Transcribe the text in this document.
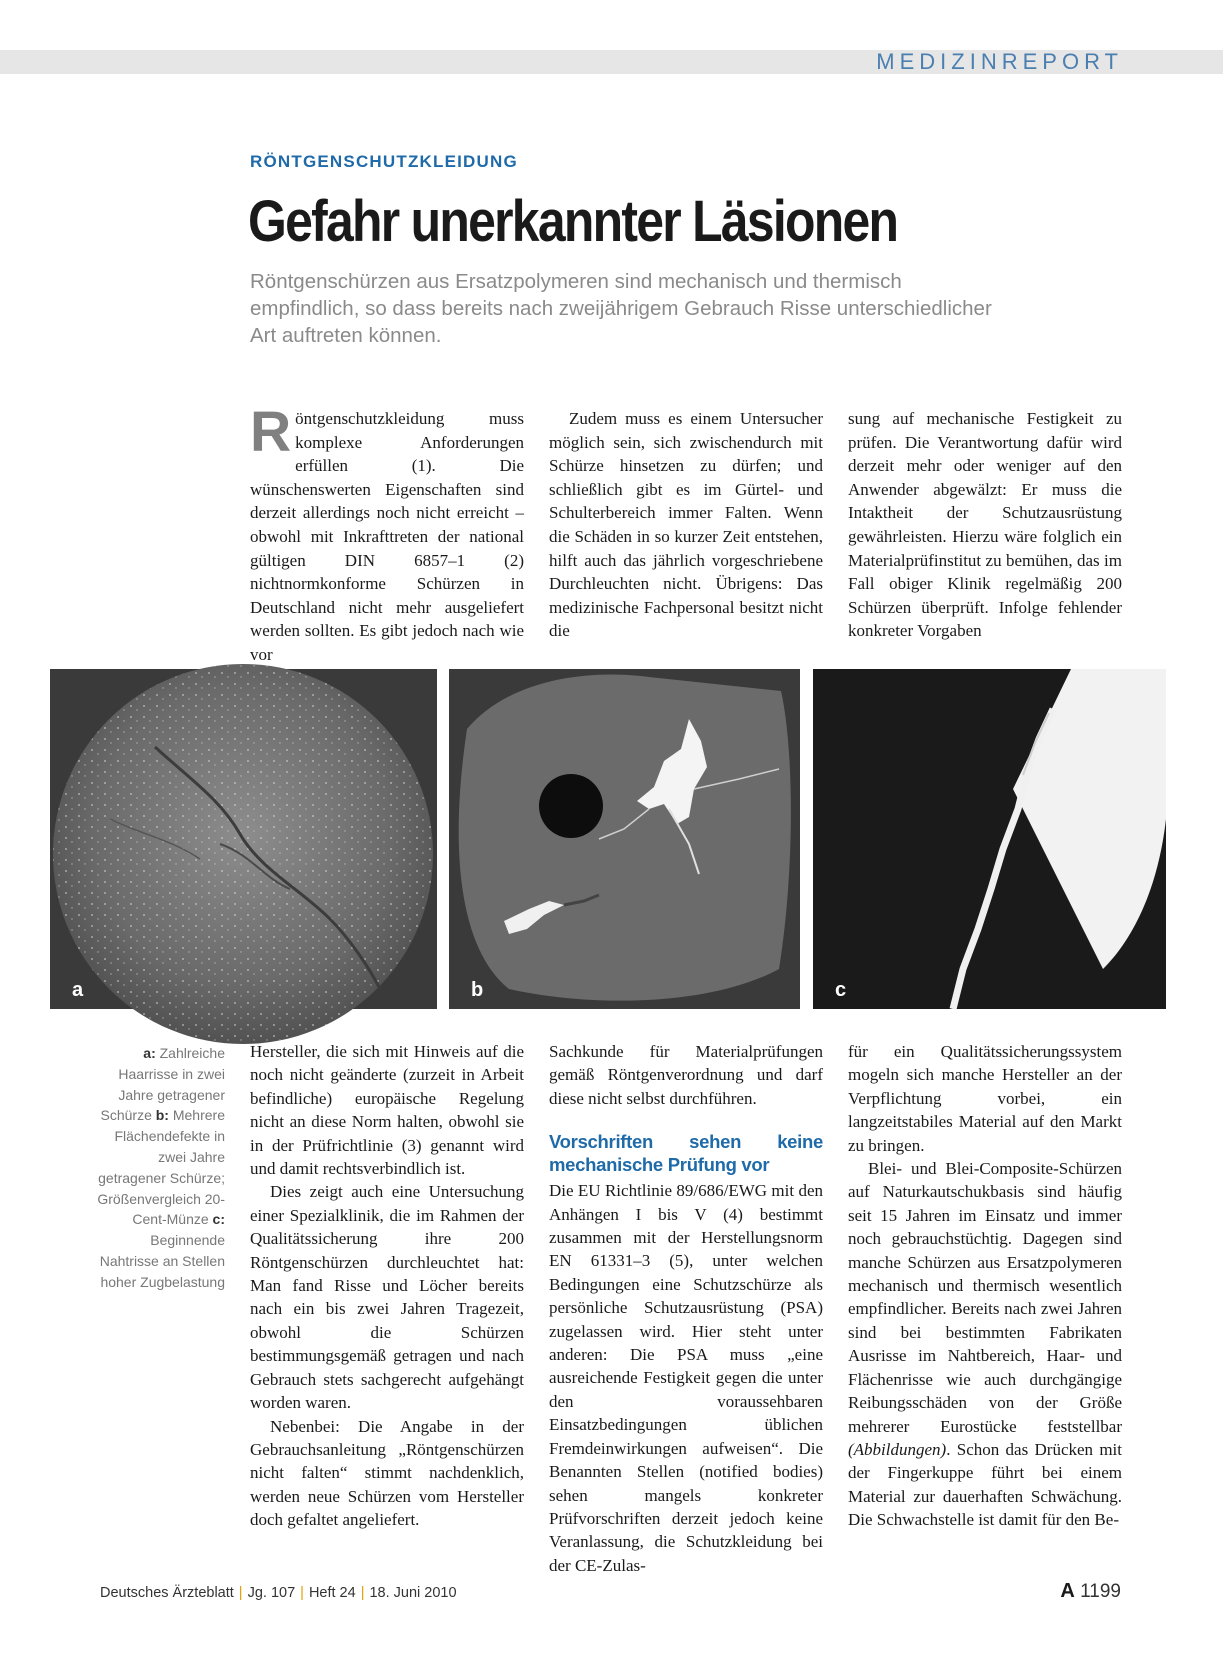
MEDIZINREPORT
RÖNTGENSCHUTZKLEIDUNG
Gefahr unerkannter Läsionen
Röntgenschürzen aus Ersatzpolymeren sind mechanisch und thermisch
empfindlich, so dass bereits nach zweijährigem Gebrauch Risse unterschiedlicher
Art auftreten können.

Röntgenschutzkleidung muss komplexe Anforderungen erfüllen (1). Die wünschenswerten Eigenschaften sind derzeit allerdings noch nicht erreicht – obwohl mit Inkrafttreten der national gültigen DIN 6857–1 (2) nichtnormkonforme Schürzen in Deutschland nicht mehr ausgeliefert werden sollten. Es gibt jedoch nach wie vor

Zudem muss es einem Untersucher möglich sein, sich zwischendurch mit Schürze hinsetzen zu dürfen; und schließlich gibt es im Gürtel- und Schulterbereich immer Falten. Wenn die Schäden in so kurzer Zeit entstehen, hilft auch das jährlich vorgeschriebene Durchleuchten nicht. Übrigens: Das medizinische Fachpersonal besitzt nicht die

sung auf mechanische Festigkeit zu prüfen. Die Verantwortung dafür wird derzeit mehr oder weniger auf den Anwender abgewälzt: Er muss die Intaktheit der Schutzausrüstung gewährleisten. Hierzu wäre folglich ein Materialprüfinstitut zu bemühen, das im Fall obiger Klinik regelmäßig 200 Schürzen überprüft. Infolge fehlender konkreter Vorgaben

a	b	c
a: Zahlreiche Haarrisse in zwei Jahre getragener Schürze b: Mehrere Flächendefekte in zwei Jahre getragener Schürze; Größenvergleich 20-Cent-Münze c: Beginnende Nahtrisse an Stellen hoher Zugbelastung

Hersteller, die sich mit Hinweis auf die noch nicht geänderte (zurzeit in Arbeit befindliche) europäische Regelung nicht an diese Norm halten, obwohl sie in der Prüfrichtlinie (3) genannt wird und damit rechtsverbindlich ist.

Dies zeigt auch eine Untersuchung einer Spezialklinik, die im Rahmen der Qualitätssicherung ihre 200 Röntgenschürzen durchleuchtet hat: Man fand Risse und Löcher bereits nach ein bis zwei Jahren Tragezeit, obwohl die Schürzen bestimmungsgemäß getragen und nach Gebrauch stets sachgerecht aufgehängt worden waren.

Nebenbei: Die Angabe in der Gebrauchsanleitung „Röntgenschürzen nicht falten“ stimmt nachdenklich, werden neue Schürzen vom Hersteller doch gefaltet angeliefert.

Sachkunde für Materialprüfungen gemäß Röntgenverordnung und darf diese nicht selbst durchführen.

Vorschriften sehen keine mechanische Prüfung vor

Die EU Richtlinie 89/686/EWG mit den Anhängen I bis V (4) bestimmt zusammen mit der Herstellungsnorm EN 61331–3 (5), unter welchen Bedingungen eine Schutzschürze als persönliche Schutzausrüstung (PSA) zugelassen wird. Hier steht unter anderen: Die PSA muss „eine ausreichende Festigkeit gegen die unter den voraussehbaren Einsatzbedingungen üblichen Fremdeinwirkungen aufweisen“. Die Benannten Stellen (notified bodies) sehen mangels konkreter Prüfvorschriften derzeit jedoch keine Veranlassung, die Schutzkleidung bei der CE-Zulas-

für ein Qualitätssicherungssystem mogeln sich manche Hersteller an der Verpflichtung vorbei, ein langzeitstabiles Material auf den Markt zu bringen.

Blei- und Blei-Composite-Schürzen auf Naturkautschukbasis sind häufig seit 15 Jahren im Einsatz und immer noch gebrauchstüchtig. Dagegen sind manche Schürzen aus Ersatzpolymeren mechanisch und thermisch wesentlich empfindlicher. Bereits nach zwei Jahren sind bei bestimmten Fabrikaten Ausrisse im Nahtbereich, Haar- und Flächenrisse wie auch durchgängige Reibungsschäden von der Größe mehrerer Eurostücke feststellbar (Abbildungen). Schon das Drücken mit der Fingerkuppe führt bei einem Material zur dauerhaften Schwächung. Die Schwachstelle ist damit für den Be-

Deutsches Ärzteblatt | Jg. 107 | Heft 24 | 18. Juni 2010	A 1199
